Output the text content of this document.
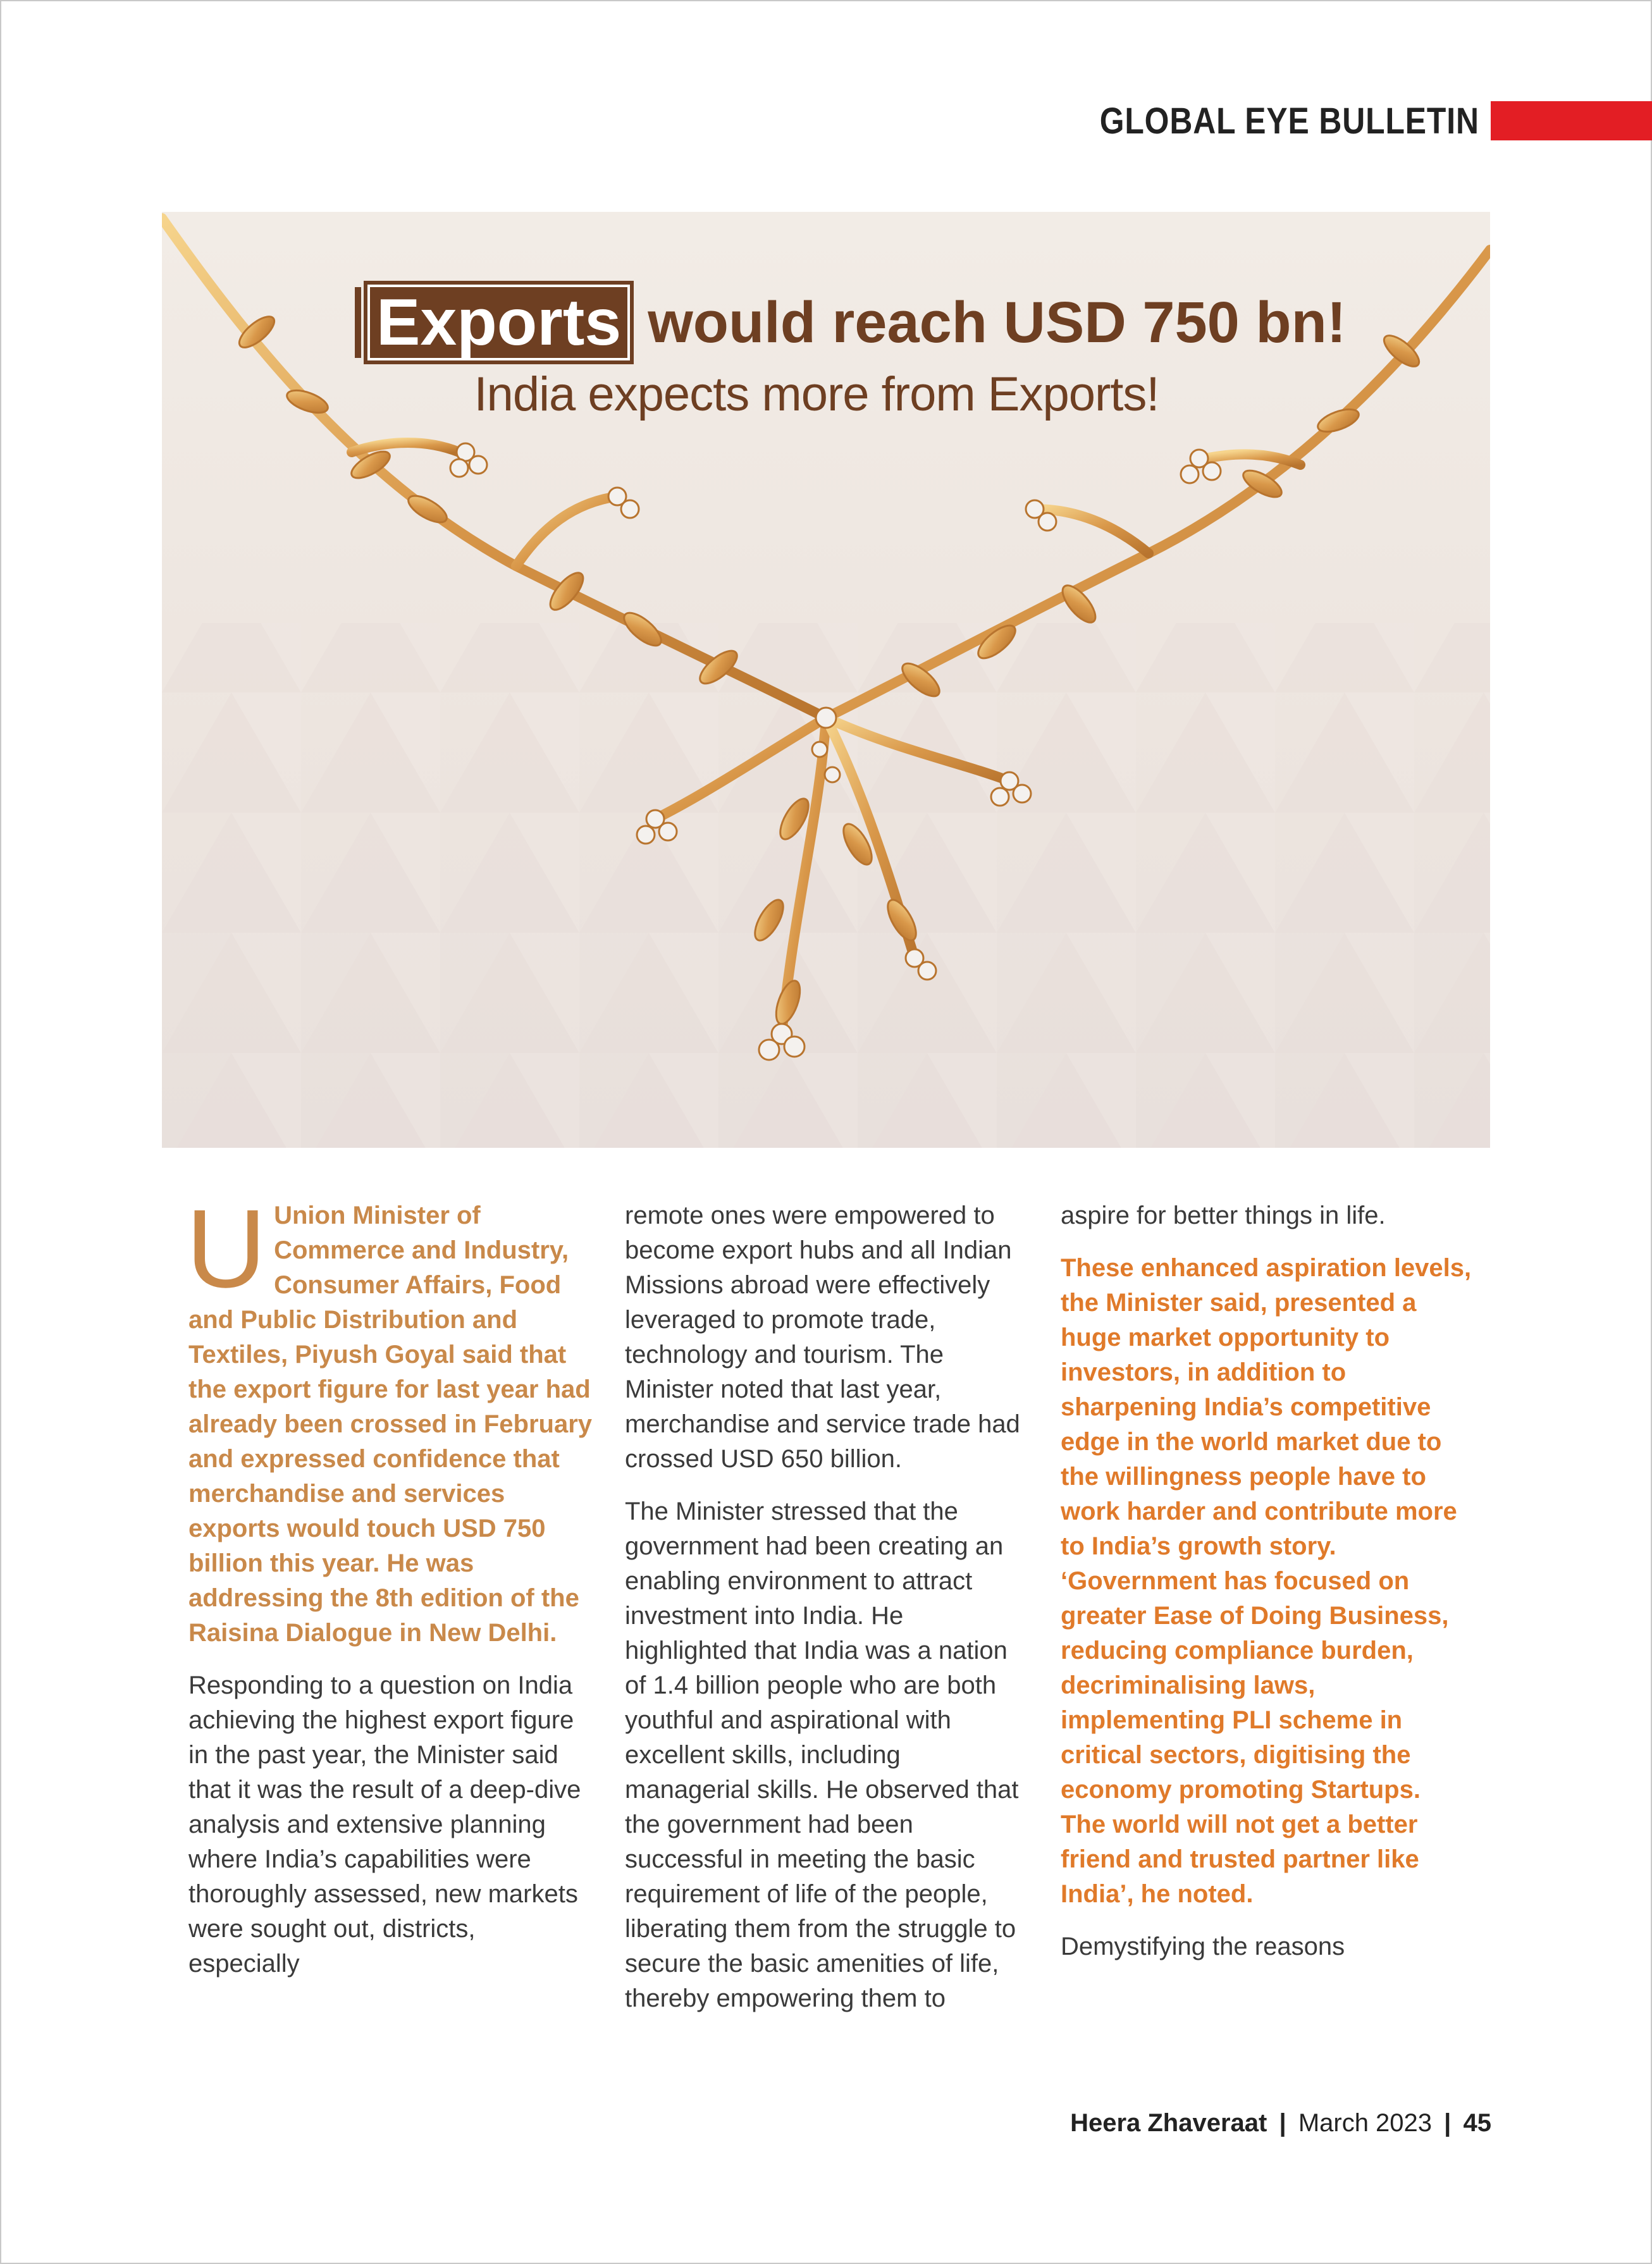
GLOBAL EYE BULLETIN
Exports would reach USD 750 bn!
India expects more from Exports!

U Union Minister of Commerce and Industry, Consumer Affairs, Food and Public Distribution and Textiles, Piyush Goyal said that the export figure for last year had already been crossed in February and expressed confidence that merchandise and services exports would touch USD 750 billion this year. He was addressing the 8th edition of the Raisina Dialogue in New Delhi.

Responding to a question on India achieving the highest export figure in the past year, the Minister said that it was the result of a deep-dive analysis and extensive planning where India’s capabilities were thoroughly assessed, new markets were sought out, districts, especially

remote ones were empowered to become export hubs and all Indian Missions abroad were effectively leveraged to promote trade, technology and tourism. The Minister noted that last year, merchandise and service trade had crossed USD 650 billion.

The Minister stressed that the government had been creating an enabling environment to attract investment into India. He highlighted that India was a nation of 1.4 billion people who are both youthful and aspirational with excellent skills, including managerial skills. He observed that the government had been successful in meeting the basic requirement of life of the people, liberating them from the struggle to secure the basic amenities of life, thereby empowering them to

aspire for better things in life.

These enhanced aspiration levels, the Minister said, presented a huge market opportunity to investors, in addition to sharpening India’s competitive edge in the world market due to the willingness people have to work harder and contribute more to India’s growth story. ‘Government has focused on greater Ease of Doing Business, reducing compliance burden, decriminalising laws, implementing PLI scheme in critical sectors, digitising the economy promoting Startups. The world will not get a better friend and trusted partner like India’, he noted.

Demystifying the reasons

Heera Zhaveraat | March 2023 | 45
